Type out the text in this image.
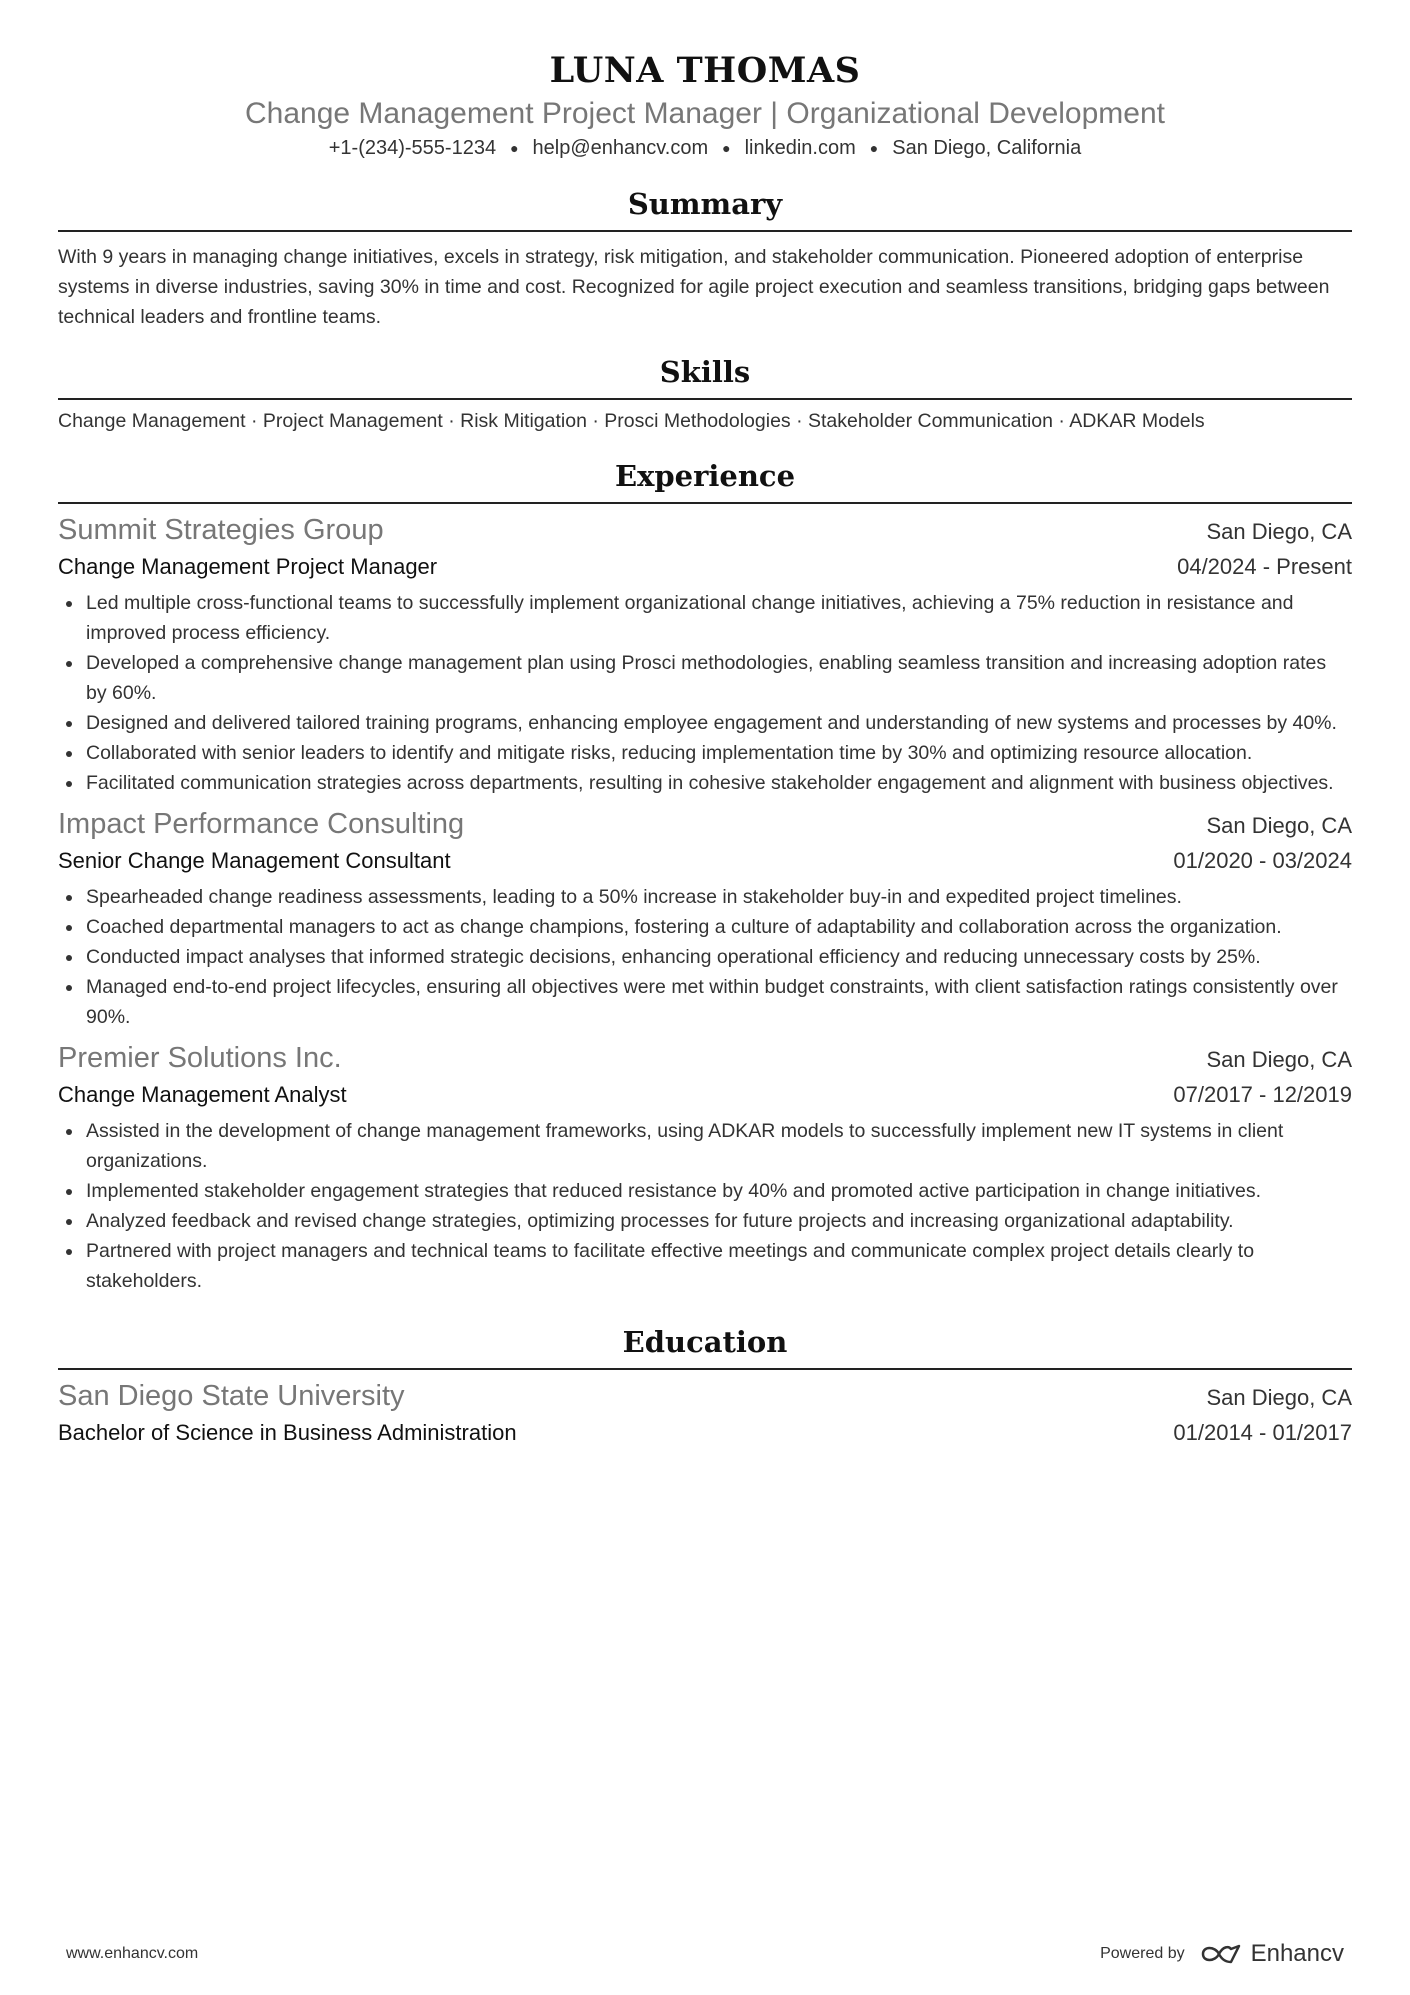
LUNA THOMAS
Change Management Project Manager | Organizational Development
+1-(234)-555-1234 ● help@enhancv.com ● linkedin.com ● San Diego, California
Summary
With 9 years in managing change initiatives, excels in strategy, risk mitigation, and stakeholder communication. Pioneered adoption of enterprise systems in diverse industries, saving 30% in time and cost. Recognized for agile project execution and seamless transitions, bridging gaps between technical leaders and frontline teams.
Skills
Change Management · Project Management · Risk Mitigation · Prosci Methodologies · Stakeholder Communication · ADKAR Models
Experience
Summit Strategies Group	San Diego, CA
Change Management Project Manager	04/2024 - Present
Led multiple cross-functional teams to successfully implement organizational change initiatives, achieving a 75% reduction in resistance and improved process efficiency.
Developed a comprehensive change management plan using Prosci methodologies, enabling seamless transition and increasing adoption rates by 60%.
Designed and delivered tailored training programs, enhancing employee engagement and understanding of new systems and processes by 40%.
Collaborated with senior leaders to identify and mitigate risks, reducing implementation time by 30% and optimizing resource allocation.
Facilitated communication strategies across departments, resulting in cohesive stakeholder engagement and alignment with business objectives.
Impact Performance Consulting	San Diego, CA
Senior Change Management Consultant	01/2020 - 03/2024
Spearheaded change readiness assessments, leading to a 50% increase in stakeholder buy-in and expedited project timelines.
Coached departmental managers to act as change champions, fostering a culture of adaptability and collaboration across the organization.
Conducted impact analyses that informed strategic decisions, enhancing operational efficiency and reducing unnecessary costs by 25%.
Managed end-to-end project lifecycles, ensuring all objectives were met within budget constraints, with client satisfaction ratings consistently over 90%.
Premier Solutions Inc.	San Diego, CA
Change Management Analyst	07/2017 - 12/2019
Assisted in the development of change management frameworks, using ADKAR models to successfully implement new IT systems in client organizations.
Implemented stakeholder engagement strategies that reduced resistance by 40% and promoted active participation in change initiatives.
Analyzed feedback and revised change strategies, optimizing processes for future projects and increasing organizational adaptability.
Partnered with project managers and technical teams to facilitate effective meetings and communicate complex project details clearly to stakeholders.
Education
San Diego State University	San Diego, CA
Bachelor of Science in Business Administration	01/2014 - 01/2017
www.enhancv.com	Powered by	Enhancv
